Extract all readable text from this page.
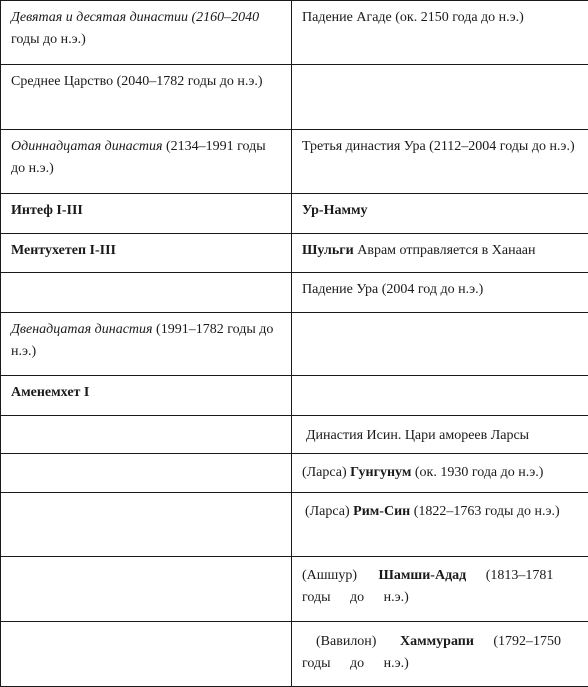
Девятая и десятая династии (2160–2040 годы до н.э.)	Падение Агаде (ок. 2150 года до н.э.)
Среднее Царство (2040–1782 годы до н.э.)	
Одиннадцатая династия (2134–1991 годы до н.э.)	Третья династия Ура (2112–2004 годы до н.э.)
Интеф I-III	Ур-Намму
Ментухетеп I-III	Шульги Аврам отправляется в Ханаан
	Падение Ура (2004 год до н.э.)
Двенадцатая династия (1991–1782 годы до н.э.)	
Аменемхет I	
	Династия Исин. Цари амореев Ларсы
	(Ларса) Гунгунум (ок. 1930 года до н.э.)
	(Ларса) Рим-Син (1822–1763 годы до н.э.)
	(Ашшур) Шамши-Адад (1813–1781 годы до н.э.)
	(Вавилон) Хаммурапи (1792–1750 годы до н.э.)
